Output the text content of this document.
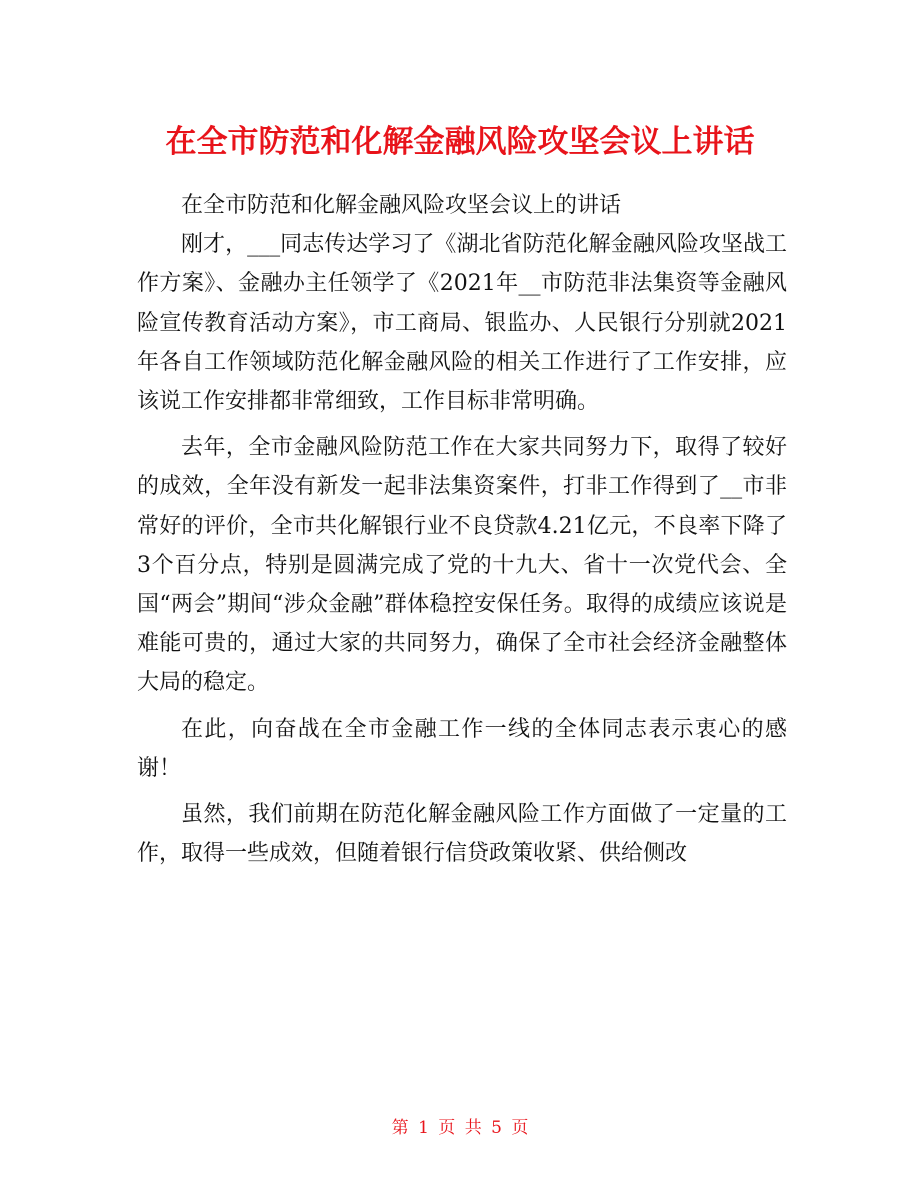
在全市防范和化解金融风险攻坚会议上讲话

在全市防范和化解金融风险攻坚会议上的讲话

刚才，___同志传达学习了《湖北省防范化解金融风险攻坚战工作方案》、金融办主任领学了《2021年__市防范非法集资等金融风险宣传教育活动方案》，市工商局、银监办、人民银行分别就2021年各自工作领域防范化解金融风险的相关工作进行了工作安排，应该说工作安排都非常细致，工作目标非常明确。

去年，全市金融风险防范工作在大家共同努力下，取得了较好的成效，全年没有新发一起非法集资案件，打非工作得到了__市非常好的评价，全市共化解银行业不良贷款4.21亿元，不良率下降了3个百分点，特别是圆满完成了党的十九大、省十一次党代会、全国“两会”期间“涉众金融”群体稳控安保任务。取得的成绩应该说是难能可贵的，通过大家的共同努力，确保了全市社会经济金融整体大局的稳定。

在此，向奋战在全市金融工作一线的全体同志表示衷心的感谢！

虽然，我们前期在防范化解金融风险工作方面做了一定量的工作，取得一些成效，但随着银行信贷政策收紧、供给侧改

第 1 页 共 5 页
